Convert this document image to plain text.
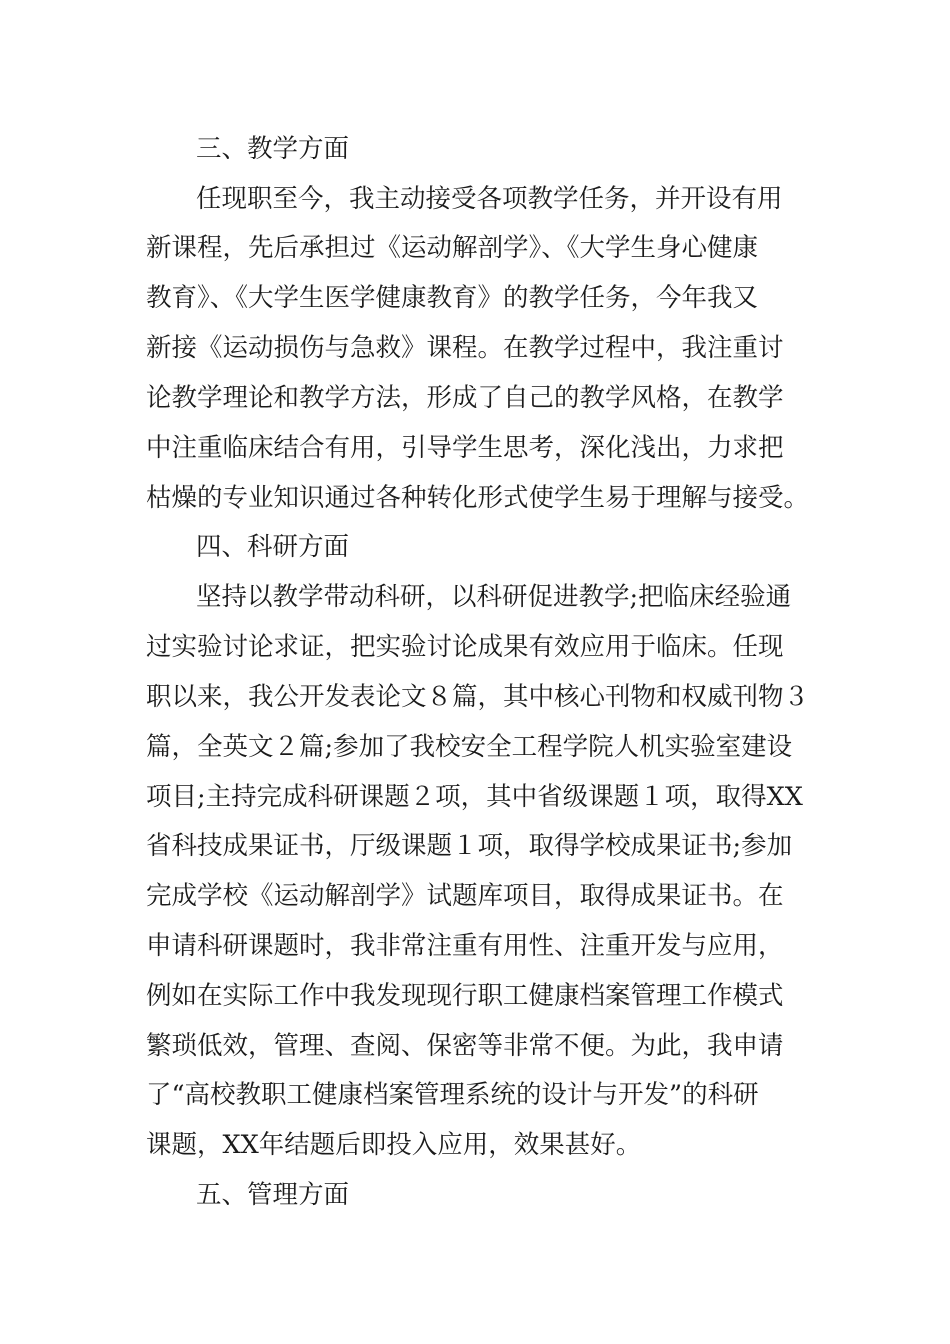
三、教学方面
任现职至今，我主动接受各项教学任务，并开设有用
新课程，先后承担过《运动解剖学》、《大学生身心健康
教育》、《大学生医学健康教育》的教学任务，今年我又
新接《运动损伤与急救》课程。在教学过程中，我注重讨
论教学理论和教学方法，形成了自己的教学风格，在教学
中注重临床结合有用，引导学生思考，深化浅出，力求把
枯燥的专业知识通过各种转化形式使学生易于理解与接受。
四、科研方面
坚持以教学带动科研，以科研促进教学;把临床经验通
过实验讨论求证，把实验讨论成果有效应用于临床。任现
职以来，我公开发表论文８篇，其中核心刊物和权威刊物３
篇，全英文２篇;参加了我校安全工程学院人机实验室建设
项目;主持完成科研课题２项，其中省级课题１项，取得XX
省科技成果证书，厅级课题１项，取得学校成果证书;参加
完成学校《运动解剖学》试题库项目，取得成果证书。在
申请科研课题时，我非常注重有用性、注重开发与应用，
例如在实际工作中我发现现行职工健康档案管理工作模式
繁琐低效，管理、查阅、保密等非常不便。为此，我申请
了“高校教职工健康档案管理系统的设计与开发”的科研
课题，XX年结题后即投入应用，效果甚好。
五、管理方面
